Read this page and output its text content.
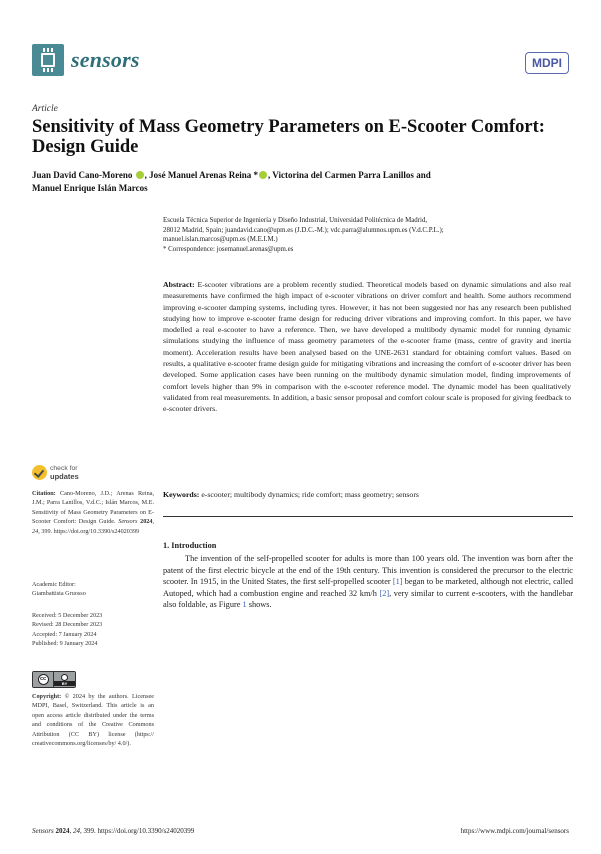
sensors	MDPI
Article
Sensitivity of Mass Geometry Parameters on E-Scooter Comfort:
Design Guide
Juan David Cano-Moreno , José Manuel Arenas Reina * , Victorina del Carmen Parra Lanillos and
Manuel Enrique Islán Marcos
Escuela Técnica Superior de Ingeniería y Diseño Industrial, Universidad Politécnica de Madrid,
28012 Madrid, Spain; juandavid.cano@upm.es (J.D.C.-M.); vdc.parra@alumnos.upm.es (V.d.C.P.L.);
manuel.islan.marcos@upm.es (M.E.I.M.)
* Correspondence: josemanuel.arenas@upm.es
Abstract: E-scooter vibrations are a problem recently studied. Theoretical models based on dynamic simulations and also real measurements have confirmed the high impact of e-scooter vibrations on driver comfort and health. Some authors recommend improving e-scooter damping systems, including tyres. However, it has not been suggested nor has any research been published studying how to improve e-scooter frame design for reducing driver vibrations and improving comfort. In this paper, we have modelled a real e-scooter to have a reference. Then, we have developed a multibody dynamic model for running dynamic simulations studying the influence of mass geometry parameters of the e-scooter frame (mass, centre of gravity and inertia moment). Acceleration results have been analysed based on the UNE-2631 standard for obtaining comfort values. Based on results, a qualitative e-scooter frame design guide for mitigating vibrations and increasing the comfort of e-scooter driver has been developed. Some application cases have been running on the multibody dynamic simulation model, finding improvements of comfort levels higher than 9% in comparison with the e-scooter reference model. The dynamic model has been qualitatively validated from real measurements. In addition, a basic sensor proposal and comfort colour scale is proposed for giving feedback to e-scooter drivers.
Keywords: e-scooter; multibody dynamics; ride comfort; mass geometry; sensors
1. Introduction

The invention of the self-propelled scooter for adults is more than 100 years old. The invention was born after the patent of the first electric bicycle at the end of the 19th century. This invention is considered the precursor to the electric scooter. In 1915, in the United States, the first self-propelled scooter [1] began to be marketed, although not electric, called Autoped, which had a combustion engine and reached 32 km/h [2], very similar to current e-scooters, with the handlebar also foldable, as Figure 1 shows.

check for
updates
Citation: Cano-Moreno, J.D.; Arenas Reina, J.M.; Parra Lanillos, V.d.C.; Islán Marcos, M.E. Sensitivity of Mass Geometry Parameters on E-Scooter Comfort: Design Guide. Sensors 2024, 24, 399. https://doi.org/10.3390/s24020399
Academic Editor:
Giambattista Gruosso
Received: 5 December 2023
Revised: 28 December 2023
Accepted: 7 January 2024
Published: 9 January 2024
cc
BY
Copyright: © 2024 by the authors. Licensee MDPI, Basel, Switzerland. This article is an open access article distributed under the terms and conditions of the Creative Commons Attribution (CC BY) license (https:// creativecommons.org/licenses/by/ 4.0/).
Sensors 2024, 24, 399. https://doi.org/10.3390/s24020399	https://www.mdpi.com/journal/sensors
